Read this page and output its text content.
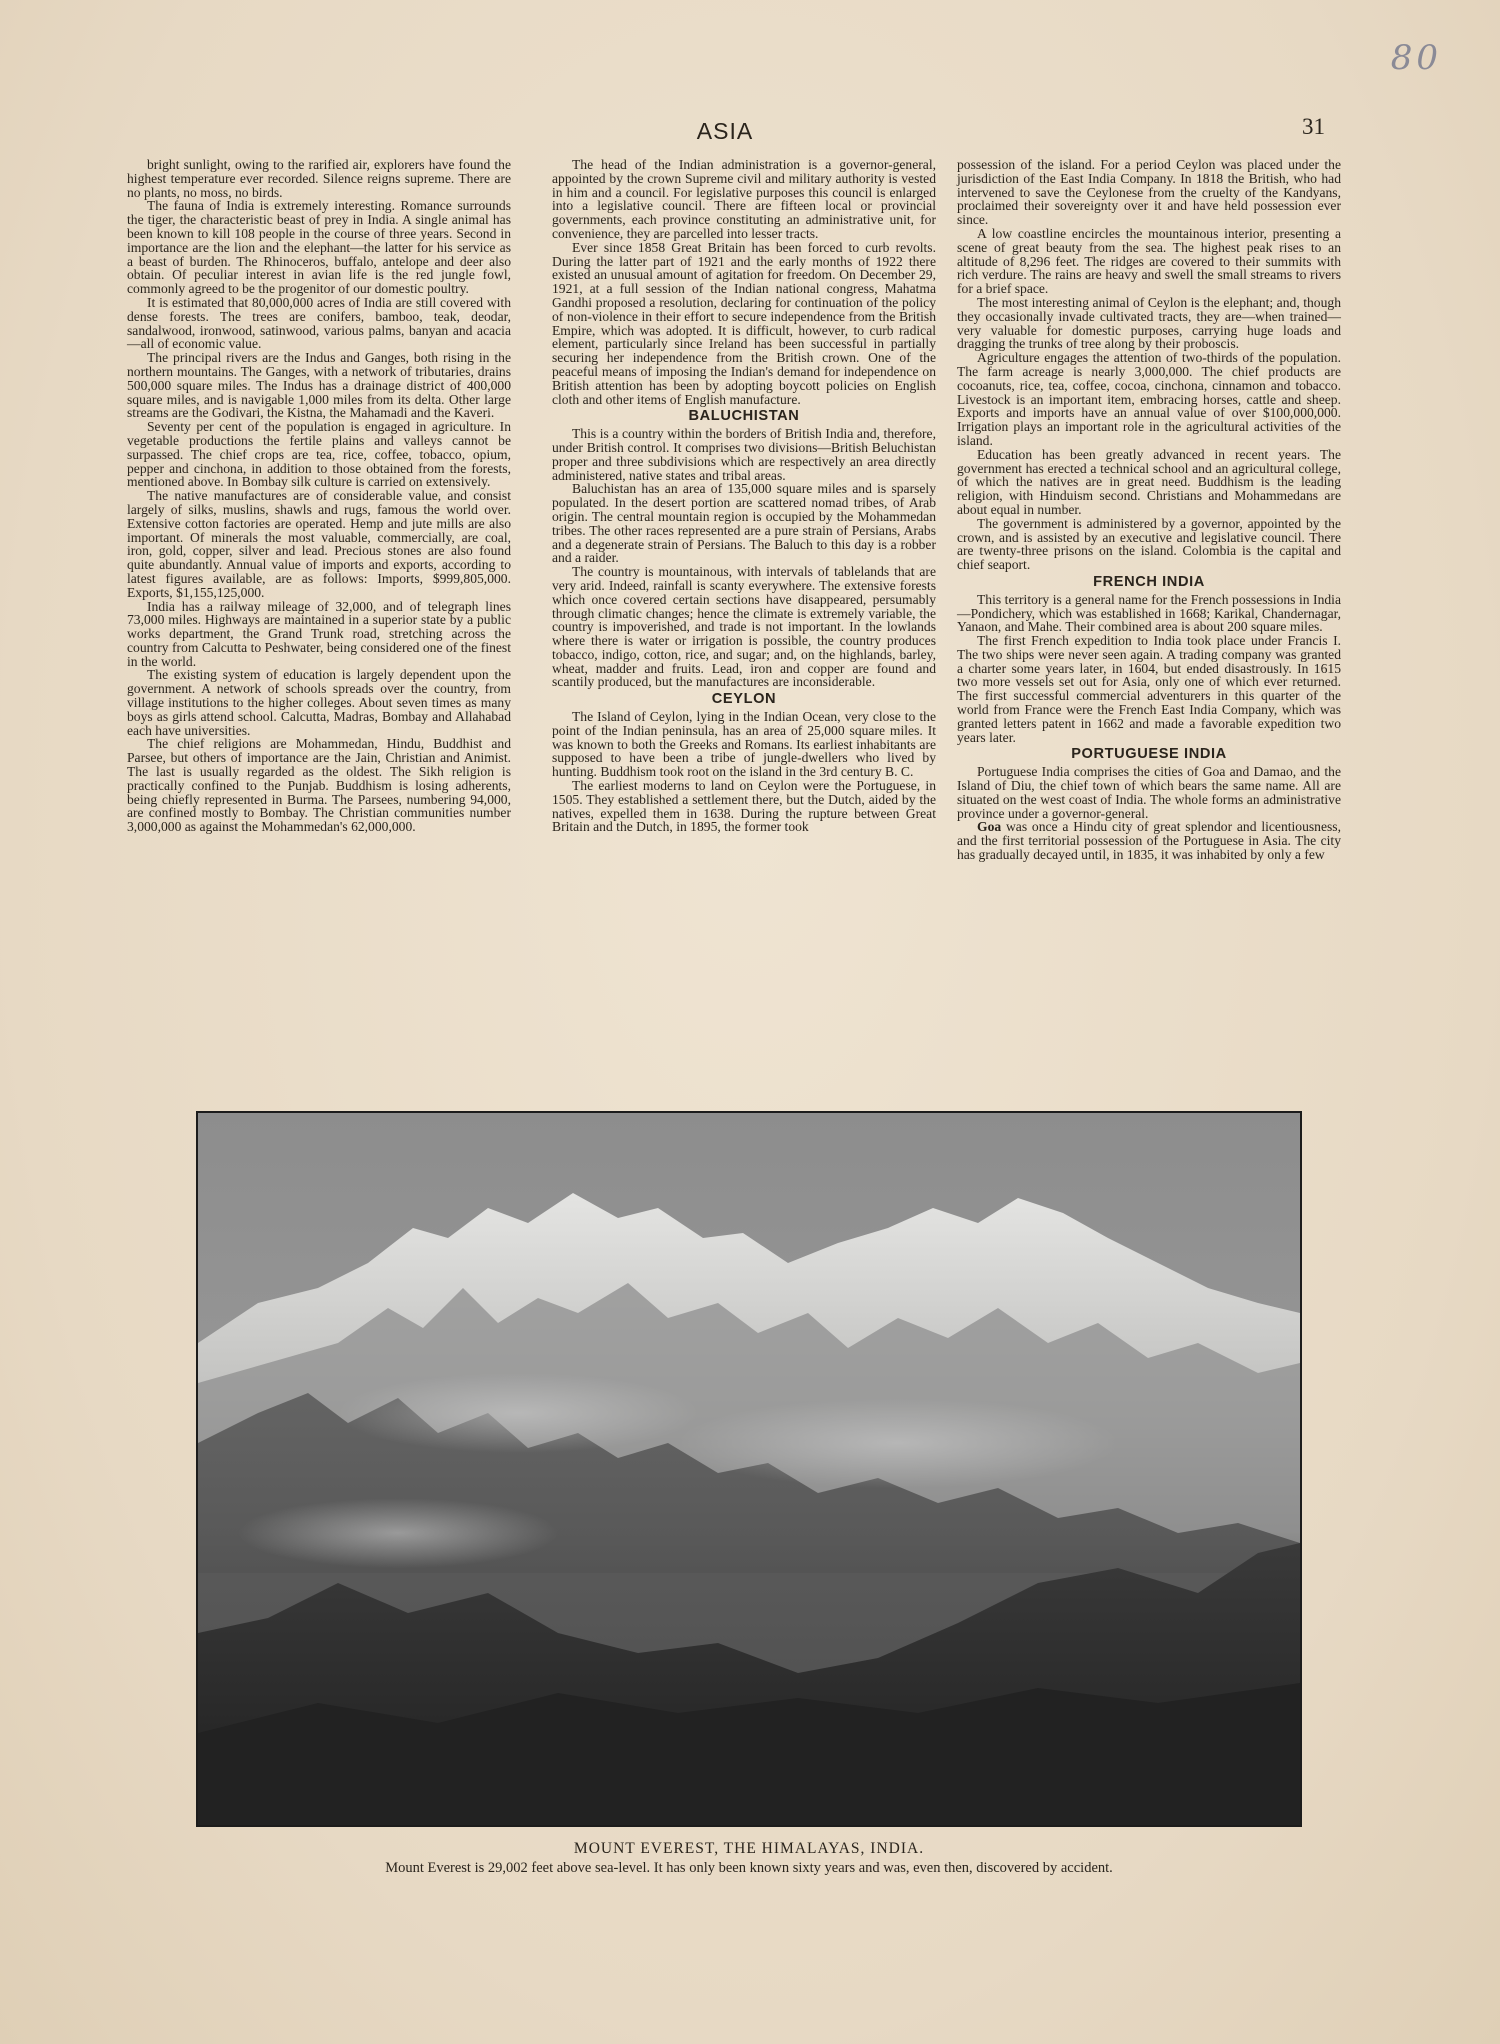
80
ASIA	31

bright sunlight, owing to the rarified air, explorers have found the highest temperature ever recorded. Silence reigns supreme. There are no plants, no moss, no birds.

The fauna of India is extremely interesting. Romance surrounds the tiger, the characteristic beast of prey in India. A single animal has been known to kill 108 people in the course of three years. Second in importance are the lion and the elephant—the latter for his service as a beast of burden. The Rhinoceros, buffalo, antelope and deer also obtain. Of peculiar interest in avian life is the red jungle fowl, commonly agreed to be the progenitor of our domestic poultry.

It is estimated that 80,000,000 acres of India are still covered with dense forests. The trees are conifers, bamboo, teak, deodar, sandalwood, ironwood, satinwood, various palms, banyan and acacia—all of economic value.

The principal rivers are the Indus and Ganges, both rising in the northern mountains. The Ganges, with a network of tributaries, drains 500,000 square miles. The Indus has a drainage district of 400,000 square miles, and is navigable 1,000 miles from its delta. Other large streams are the Godivari, the Kistna, the Mahamadi and the Kaveri.

Seventy per cent of the population is engaged in agriculture. In vegetable productions the fertile plains and valleys cannot be surpassed. The chief crops are tea, rice, coffee, tobacco, opium, pepper and cinchona, in addition to those obtained from the forests, mentioned above. In Bombay silk culture is carried on extensively.

The native manufactures are of considerable value, and consist largely of silks, muslins, shawls and rugs, famous the world over. Extensive cotton factories are operated. Hemp and jute mills are also important. Of minerals the most valuable, commercially, are coal, iron, gold, copper, silver and lead. Precious stones are also found quite abundantly. Annual value of imports and exports, according to latest figures available, are as follows: Imports, $999,805,000. Exports, $1,155,125,000.

India has a railway mileage of 32,000, and of telegraph lines 73,000 miles. Highways are maintained in a superior state by a public works department, the Grand Trunk road, stretching across the country from Calcutta to Peshwater, being considered one of the finest in the world.

The existing system of education is largely dependent upon the government. A network of schools spreads over the country, from village institutions to the higher colleges. About seven times as many boys as girls attend school. Calcutta, Madras, Bombay and Allahabad each have universities.

The chief religions are Mohammedan, Hindu, Buddhist and Parsee, but others of importance are the Jain, Christian and Animist. The last is usually regarded as the oldest. The Sikh religion is practically confined to the Punjab. Buddhism is losing adherents, being chiefly represented in Burma. The Parsees, numbering 94,000, are confined mostly to Bombay. The Christian communities number 3,000,000 as against the Mohammedan's 62,000,000.

The head of the Indian administration is a governor-general, appointed by the crown Supreme civil and military authority is vested in him and a council. For legislative purposes this council is enlarged into a legislative council. There are fifteen local or provincial governments, each province constituting an administrative unit, for convenience, they are parcelled into lesser tracts.

Ever since 1858 Great Britain has been forced to curb revolts. During the latter part of 1921 and the early months of 1922 there existed an unusual amount of agitation for freedom. On December 29, 1921, at a full session of the Indian national congress, Mahatma Gandhi proposed a resolution, declaring for continuation of the policy of non-violence in their effort to secure independence from the British Empire, which was adopted. It is difficult, however, to curb radical element, particularly since Ireland has been successful in partially securing her independence from the British crown. One of the peaceful means of imposing the Indian's demand for independence on British attention has been by adopting boycott policies on English cloth and other items of English manufacture.

BALUCHISTAN

This is a country within the borders of British India and, therefore, under British control. It comprises two divisions—British Beluchistan proper and three subdivisions which are respectively an area directly administered, native states and tribal areas.

Baluchistan has an area of 135,000 square miles and is sparsely populated. In the desert portion are scattered nomad tribes, of Arab origin. The central mountain region is occupied by the Mohammedan tribes. The other races represented are a pure strain of Persians, Arabs and a degenerate strain of Persians. The Baluch to this day is a robber and a raider.

The country is mountainous, with intervals of tablelands that are very arid. Indeed, rainfall is scanty everywhere. The extensive forests which once covered certain sections have disappeared, persumably through climatic changes; hence the climate is extremely variable, the country is impoverished, and trade is not important. In the lowlands where there is water or irrigation is possible, the country produces tobacco, indigo, cotton, rice, and sugar; and, on the highlands, barley, wheat, madder and fruits. Lead, iron and copper are found and scantily produced, but the manufactures are inconsiderable.

CEYLON

The Island of Ceylon, lying in the Indian Ocean, very close to the point of the Indian peninsula, has an area of 25,000 square miles. It was known to both the Greeks and Romans. Its earliest inhabitants are supposed to have been a tribe of jungle-dwellers who lived by hunting. Buddhism took root on the island in the 3rd century B. C.

The earliest moderns to land on Ceylon were the Portuguese, in 1505. They established a settlement there, but the Dutch, aided by the natives, expelled them in 1638. During the rupture between Great Britain and the Dutch, in 1895, the former took

possession of the island. For a period Ceylon was placed under the jurisdiction of the East India Company. In 1818 the British, who had intervened to save the Ceylonese from the cruelty of the Kandyans, proclaimed their sovereignty over it and have held possession ever since.

A low coastline encircles the mountainous interior, presenting a scene of great beauty from the sea. The highest peak rises to an altitude of 8,296 feet. The ridges are covered to their summits with rich verdure. The rains are heavy and swell the small streams to rivers for a brief space.

The most interesting animal of Ceylon is the elephant; and, though they occasionally invade cultivated tracts, they are—when trained—very valuable for domestic purposes, carrying huge loads and dragging the trunks of tree along by their proboscis.

Agriculture engages the attention of two-thirds of the population. The farm acreage is nearly 3,000,000. The chief products are cocoanuts, rice, tea, coffee, cocoa, cinchona, cinnamon and tobacco. Livestock is an important item, embracing horses, cattle and sheep. Exports and imports have an annual value of over $100,000,000. Irrigation plays an important role in the agricultural activities of the island.

Education has been greatly advanced in recent years. The government has erected a technical school and an agricultural college, of which the natives are in great need. Buddhism is the leading religion, with Hinduism second. Christians and Mohammedans are about equal in number.

The government is administered by a governor, appointed by the crown, and is assisted by an executive and legislative council. There are twenty-three prisons on the island. Colombia is the capital and chief seaport.

FRENCH INDIA

This territory is a general name for the French possessions in India—Pondichery, which was established in 1668; Karikal, Chandernagar, Yanaon, and Mahe. Their combined area is about 200 square miles.

The first French expedition to India took place under Francis I. The two ships were never seen again. A trading company was granted a charter some years later, in 1604, but ended disastrously. In 1615 two more vessels set out for Asia, only one of which ever returned. The first successful commercial adventurers in this quarter of the world from France were the French East India Company, which was granted letters patent in 1662 and made a favorable expedition two years later.

PORTUGUESE INDIA

Portuguese India comprises the cities of Goa and Damao, and the Island of Diu, the chief town of which bears the same name. All are situated on the west coast of India. The whole forms an administrative province under a governor-general.

Goa was once a Hindu city of great splendor and licentiousness, and the first territorial possession of the Portuguese in Asia. The city has gradually decayed until, in 1835, it was inhabited by only a few

MOUNT EVEREST, THE HIMALAYAS, INDIA.
Mount Everest is 29,002 feet above sea-level. It has only been known sixty years and was, even then, discovered by accident.
